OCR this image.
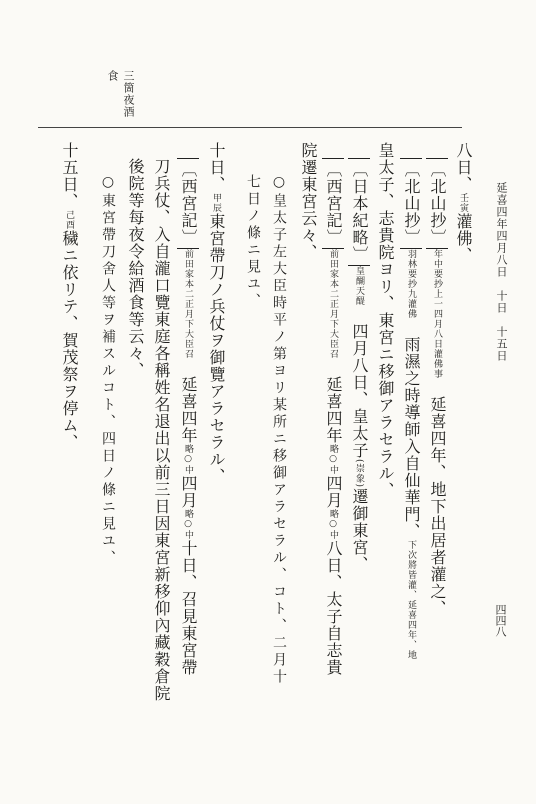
三箇夜酒
食
延喜四年四月八日　十日　十五日
四四八
八日、壬寅灌佛、
〔北山抄〕
一四月
年中要抄上
八日灌佛事
　延喜四年、地下出居者灌之、
〔北山抄〕
九灌佛
羽林要抄
　雨濕之時導師入自仙華門、
延喜四年、地
下次將皆灌、
皇太子、志貴院ヨリ、東宮ニ移御アラセラル、
〔日本紀略〕
天醍
皇醐
　四月八日、皇太子(崇象)遷御東宮、
〔西宮記〕
二正月下
前田家本
大臣召
　延喜四年略○中四月略○中八日、太子自志貴
院遷東宮云々、
○皇太子左大臣時平ノ第ヨリ某所ニ移御アラセラル、コト、二月十
七日ノ條ニ見ユ、
十日、甲辰東宮帶刀ノ兵仗ヲ御覽アラセラル、
〔西宮記〕
二正月下
前田家本
大臣召
　延喜四年略○中四月略○中十日、召見東宮帶
刀兵仗、入自瀧口覽東庭各稱姓名退出以前三日因東宮新移仰內藏穀倉院
後院等每夜令給酒食等云々、
○東宮帶刀舍人等ヲ補スルコト、四日ノ條ニ見ユ、
十五日、己酉穢ニ依リテ、賀茂祭ヲ停ム、
